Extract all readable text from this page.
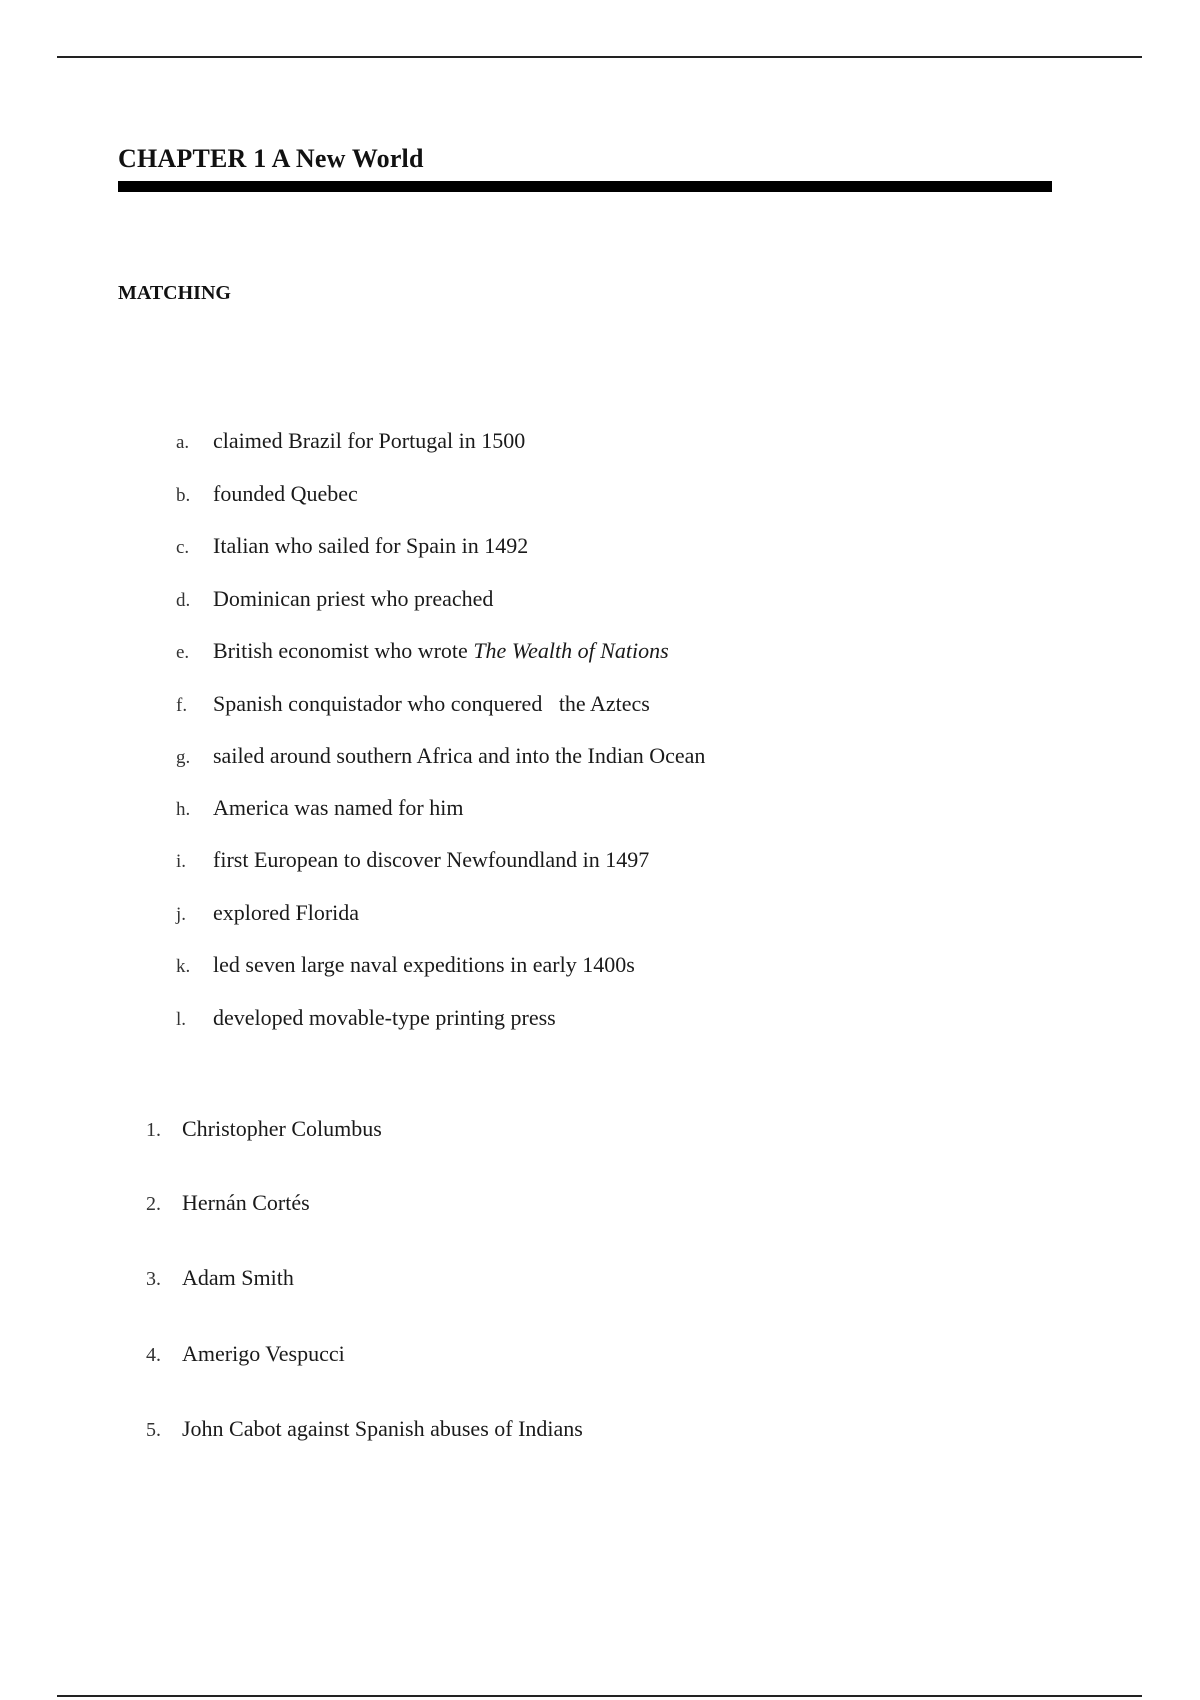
CHAPTER 1 A New World
MATCHING
a. claimed Brazil for Portugal in 1500
b. founded Quebec
c. Italian who sailed for Spain in 1492
d. Dominican priest who preached
e. British economist who wrote The Wealth of Nations
f. Spanish conquistador who conquered   the Aztecs
g. sailed around southern Africa and into the Indian Ocean
h. America was named for him
i. first European to discover Newfoundland in 1497
j. explored Florida
k. led seven large naval expeditions in early 1400s
l. developed movable-type printing press
1. Christopher Columbus
2. Hernán Cortés
3. Adam Smith
4. Amerigo Vespucci
5. John Cabot against Spanish abuses of Indians
